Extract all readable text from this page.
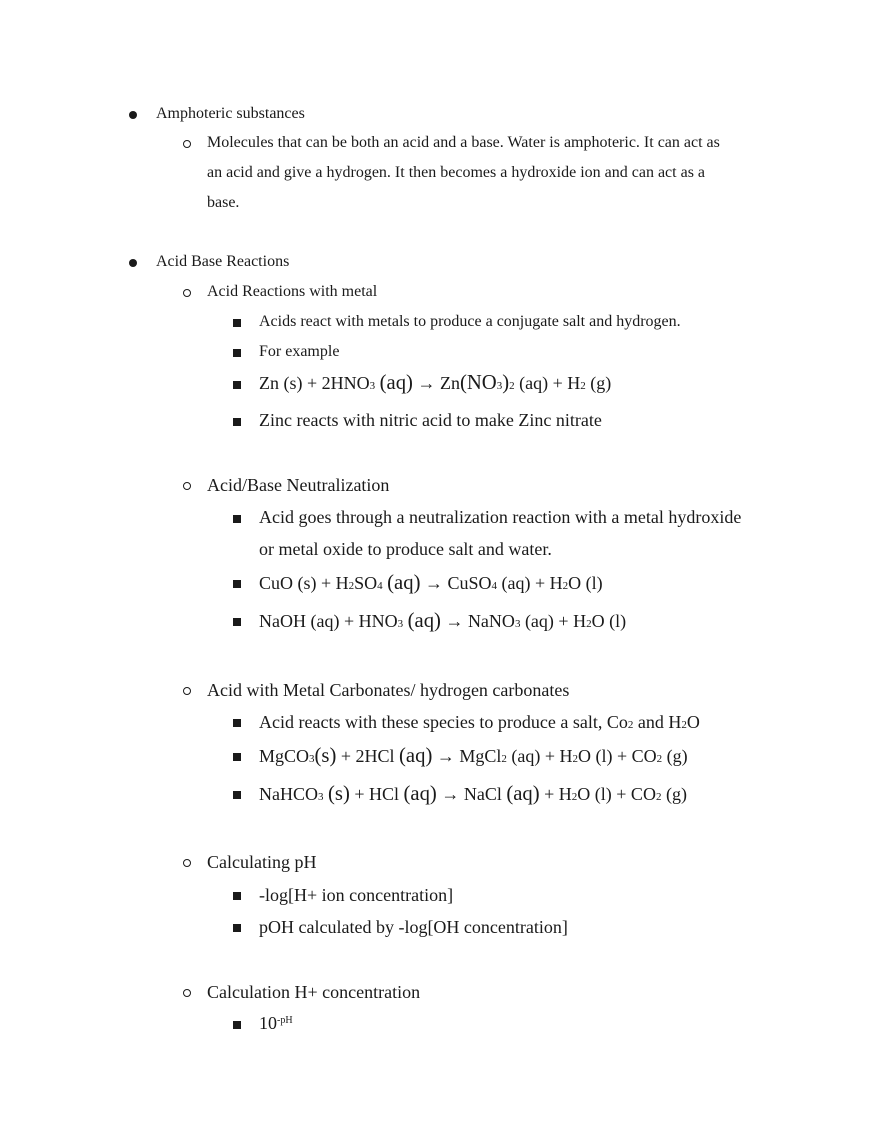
Amphoteric substances
Molecules that can be both an acid and a base. Water is amphoteric. It can act as
an acid and give a hydrogen. It then becomes a hydroxide ion and can act as a
base.
Acid Base Reactions
Acid Reactions with metal
Acids react with metals to produce a conjugate salt and hydrogen.
For example
Zn (s) + 2HNO3 (aq) → Zn(NO3)2 (aq) + H2 (g)
Zinc reacts with nitric acid to make Zinc nitrate
Acid/Base Neutralization
Acid goes through a neutralization reaction with a metal hydroxide
or metal oxide to produce salt and water.
CuO (s) + H2SO4 (aq) → CuSO4 (aq) + H2O (l)
NaOH (aq) + HNO3 (aq) → NaNO3 (aq) + H2O (l)
Acid with Metal Carbonates/ hydrogen carbonates
Acid reacts with these species to produce a salt, Co2 and H2O
MgCO3(s) + 2HCl (aq) → MgCl2 (aq) + H2O (l) + CO2 (g)
NaHCO3 (s) + HCl (aq) → NaCl (aq) + H2O (l) + CO2 (g)
Calculating pH
-log[H+ ion concentration]
pOH calculated by -log[OH concentration]
Calculation H+ concentration
$10^{-pH}$
